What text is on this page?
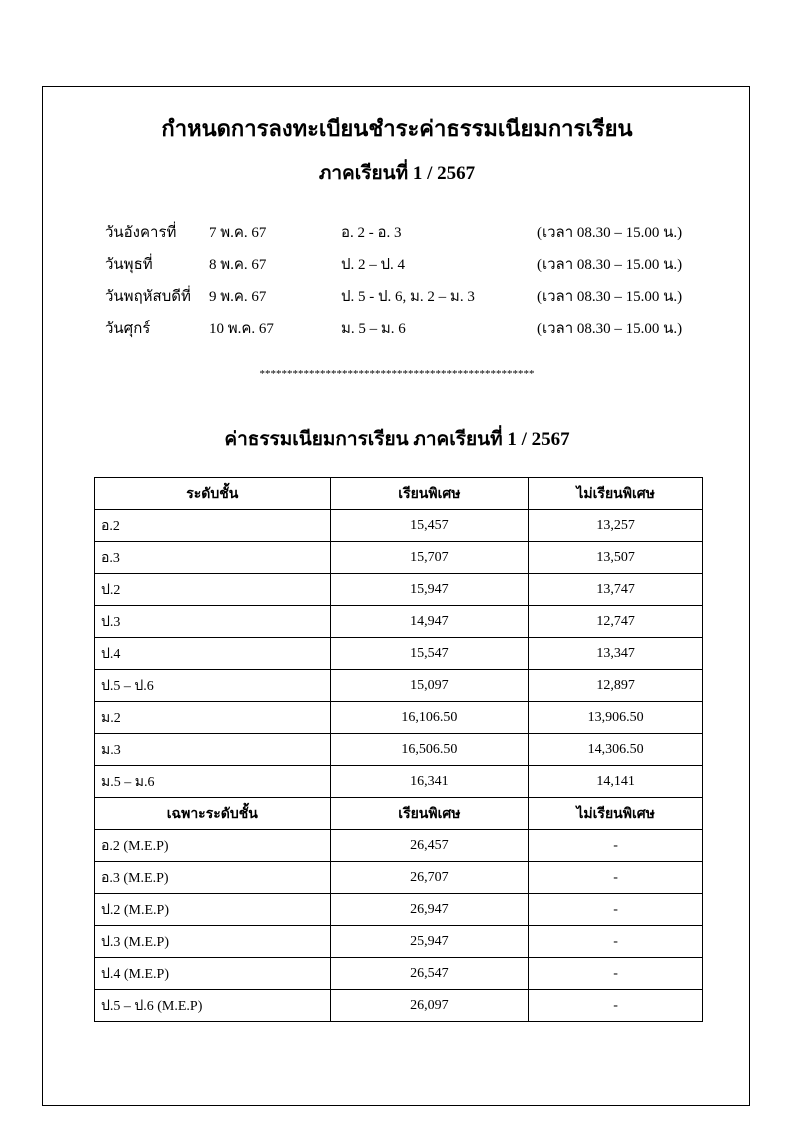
กำหนดการลงทะเบียนชำระค่าธรรมเนียมการเรียน
ภาคเรียนที่ 1 / 2567
วันอังคารที่ 7 พ.ค. 67	อ. 2 - อ. 3	(เวลา 08.30 – 15.00 น.)
วันพุธที่	8 พ.ค. 67	ป. 2 – ป. 4	(เวลา 08.30 – 15.00 น.)
วันพฤหัสบดีที่ 9 พ.ค. 67	ป. 5 - ป. 6, ม. 2 – ม. 3	(เวลา 08.30 – 15.00 น.)
วันศุกร์	10 พ.ค. 67	ม. 5 – ม. 6	(เวลา 08.30 – 15.00 น.)
**************************************************
ค่าธรรมเนียมการเรียน ภาคเรียนที่ 1 / 2567
ระดับชั้น	เรียนพิเศษ	ไม่เรียนพิเศษ
อ.2	15,457	13,257
อ.3	15,707	13,507
ป.2	15,947	13,747
ป.3	14,947	12,747
ป.4	15,547	13,347
ป.5 – ป.6	15,097	12,897
ม.2	16,106.50	13,906.50
ม.3	16,506.50	14,306.50
ม.5 – ม.6	16,341	14,141
เฉพาะระดับชั้น	เรียนพิเศษ	ไม่เรียนพิเศษ
อ.2 (M.E.P)	26,457	-
อ.3 (M.E.P)	26,707	-
ป.2 (M.E.P)	26,947	-
ป.3 (M.E.P)	25,947	-
ป.4 (M.E.P)	26,547	-
ป.5 – ป.6 (M.E.P)	26,097	-
